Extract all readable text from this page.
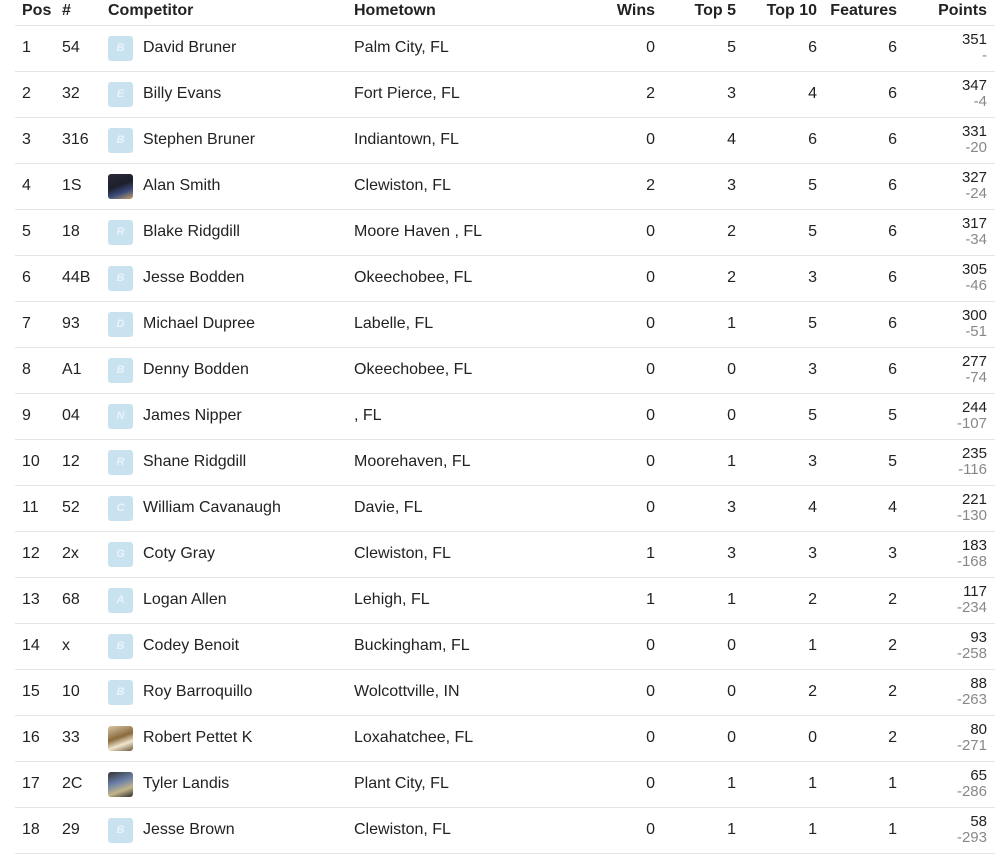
Pos # Competitor	Hometown	Wins	Top 5	Top 10 Features	Points
B
1 54	David Bruner	Palm City, FL	0	5	6	6	351
-
E
2 32	Billy Evans	Fort Pierce, FL	2	3	4	6	347
-4
B
3 316	Stephen Bruner	Indiantown, FL	0	4	6	6	331
-20
4 1S	Alan Smith	Clewiston, FL	2	3	5	6	327
-24
R
5 18	Blake Ridgdill	Moore Haven , FL	0	2	5	6	317
-34
B
6 44B	Jesse Bodden	Okeechobee, FL	0	2	3	6	305
-46
D
7 93	Michael Dupree	Labelle, FL	0	1	5	6	300
-51
B
8 A1	Denny Bodden	Okeechobee, FL	0	0	3	6	277
-74
N
9 04	James Nipper	, FL	0	0	5	5	244
-107
R
10 12	Shane Ridgdill	Moorehaven, FL	0	1	3	5	235
-116
C
11 52	William Cavanaugh	Davie, FL	0	3	4	4	221
-130
G
12 2x	Coty Gray	Clewiston, FL	1	3	3	3	183
-168
A
13 68	Logan Allen	Lehigh, FL	1	1	2	2	117
-234
B
14 x	Codey Benoit	Buckingham, FL	0	0	1	2	93
-258
B
15 10	Roy Barroquillo	Wolcottville, IN	0	0	2	2	88
-263
16 33	Robert Pettet K	Loxahatchee, FL	0	0	0	2	80
-271
17 2C	Tyler Landis	Plant City, FL	0	1	1	1	65
-286
B
18 29	Jesse Brown	Clewiston, FL	0	1	1	1	58
-293
